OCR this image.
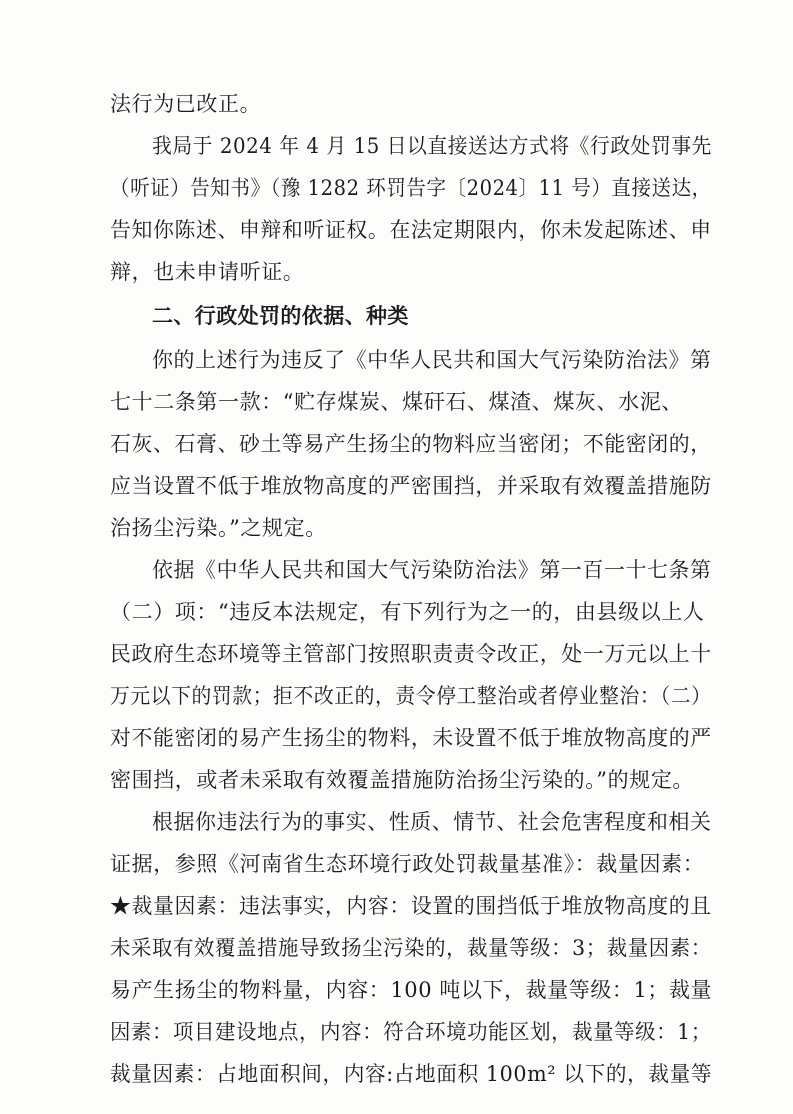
法行为已改正。
我局于 2024 年 4 月 15 日以直接送达方式将《行政处罚事先
（听证）告知书》（豫 1282 环罚告字〔2024〕11 号）直接送达，
告知你陈述、申辩和听证权。在法定期限内，你未发起陈述、申
辩，也未申请听证。
二、行政处罚的依据、种类
你的上述行为违反了《中华人民共和国大气污染防治法》第
七十二条第一款：“贮存煤炭、煤矸石、煤渣、煤灰、水泥、
石灰、石膏、砂土等易产生扬尘的物料应当密闭；不能密闭的，
应当设置不低于堆放物高度的严密围挡，并采取有效覆盖措施防
治扬尘污染。”之规定。
依据《中华人民共和国大气污染防治法》第一百一十七条第
（二）项：“违反本法规定，有下列行为之一的，由县级以上人
民政府生态环境等主管部门按照职责责令改正，处一万元以上十
万元以下的罚款；拒不改正的，责令停工整治或者停业整治：（二）
对不能密闭的易产生扬尘的物料，未设置不低于堆放物高度的严
密围挡，或者未采取有效覆盖措施防治扬尘污染的。”的规定。
根据你违法行为的事实、性质、情节、社会危害程度和相关
证据，参照《河南省生态环境行政处罚裁量基准》：裁量因素：
★裁量因素：违法事实，内容：设置的围挡低于堆放物高度的且
未采取有效覆盖措施导致扬尘污染的，裁量等级：3；裁量因素：
易产生扬尘的物料量，内容：100 吨以下，裁量等级：1；裁量
因素：项目建设地点，内容：符合环境功能区划，裁量等级：1；
裁量因素：占地面积间，内容:占地面积 100m² 以下的，裁量等
